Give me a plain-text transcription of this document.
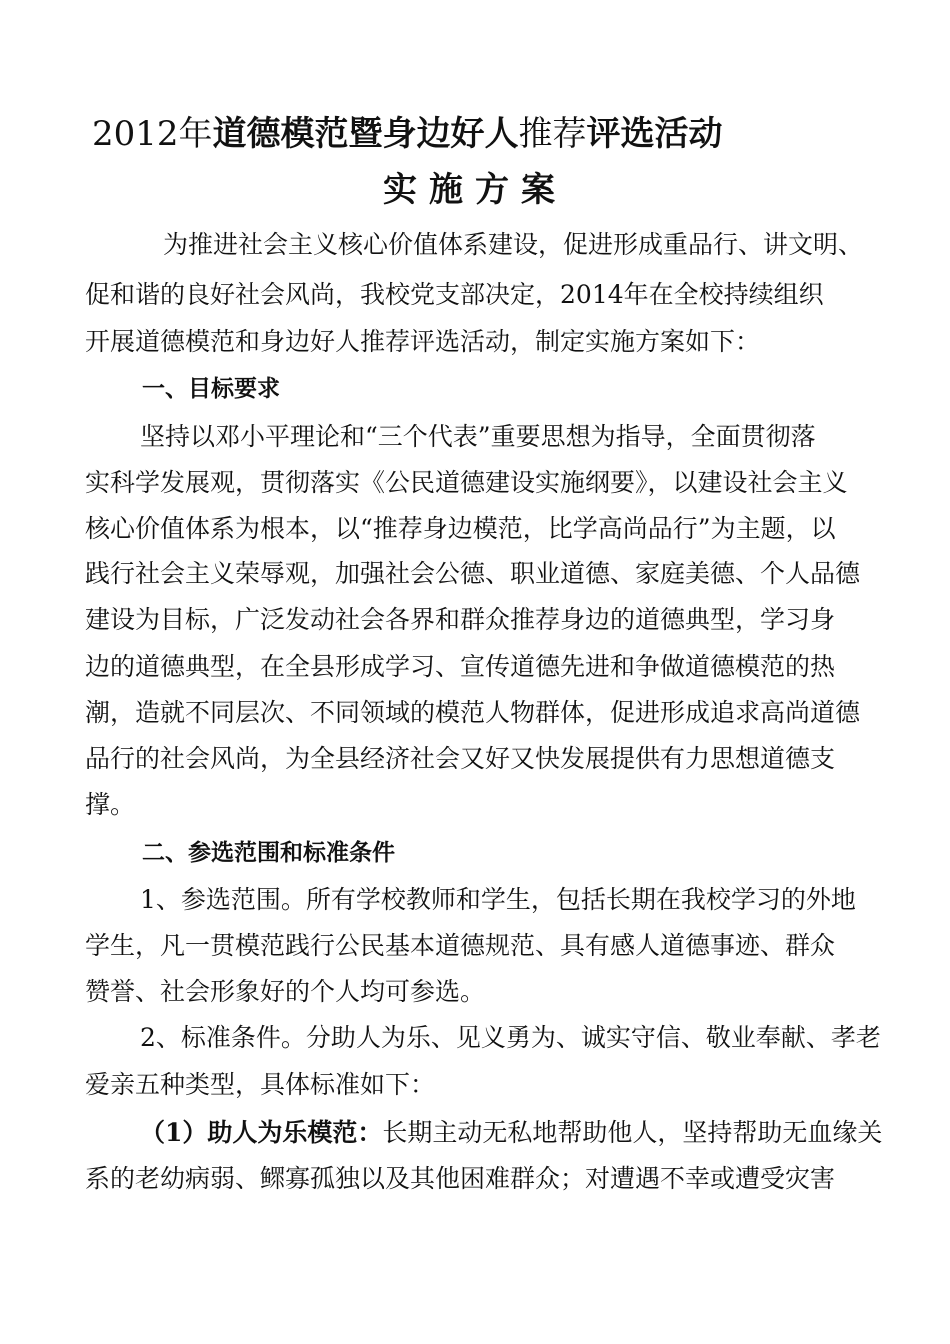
2012年道德模范暨身边好人推荐评选活动
实施方案
为推进社会主义核心价值体系建设，促进形成重品行、讲文明、
促和谐的良好社会风尚，我校党支部决定，2014年在全校持续组织
开展道德模范和身边好人推荐评选活动，制定实施方案如下：
一、目标要求
坚持以邓小平理论和“三个代表”重要思想为指导，全面贯彻落
实科学发展观，贯彻落实《公民道德建设实施纲要》，以建设社会主义
核心价值体系为根本，以“推荐身边模范，比学高尚品行”为主题，以
践行社会主义荣辱观，加强社会公德、职业道德、家庭美德、个人品德
建设为目标，广泛发动社会各界和群众推荐身边的道德典型，学习身
边的道德典型，在全县形成学习、宣传道德先进和争做道德模范的热
潮，造就不同层次、不同领域的模范人物群体，促进形成追求高尚道德
品行的社会风尚，为全县经济社会又好又快发展提供有力思想道德支
撑。
二、参选范围和标准条件
1、参选范围。所有学校教师和学生，包括长期在我校学习的外地
学生，凡一贯模范践行公民基本道德规范、具有感人道德事迹、群众
赞誉、社会形象好的个人均可参选。
2、标准条件。分助人为乐、见义勇为、诚实守信、敬业奉献、孝老
爱亲五种类型，具体标准如下：
（1）助人为乐模范：长期主动无私地帮助他人，坚持帮助无血缘关
系的老幼病弱、鳏寡孤独以及其他困难群众；对遭遇不幸或遭受灾害
